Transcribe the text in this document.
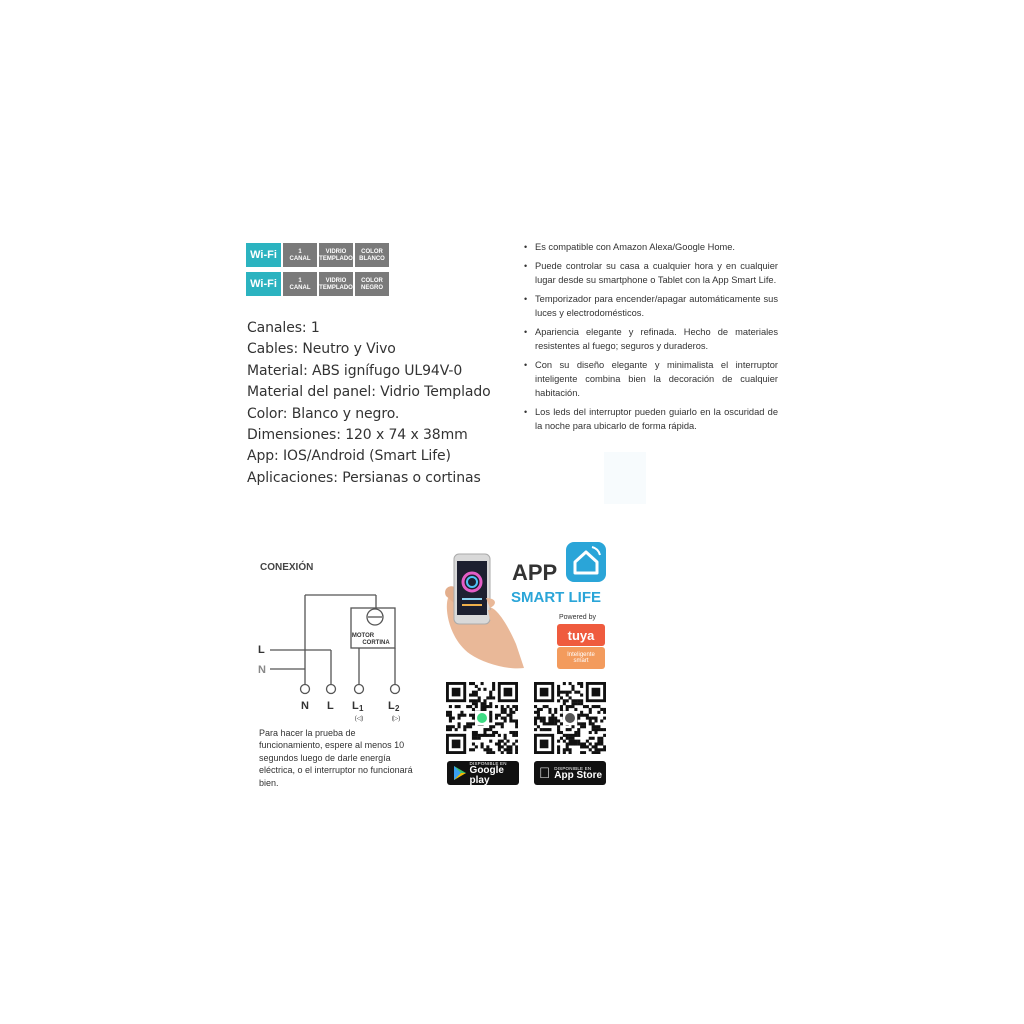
Wi-Fi	1
CANAL
VIDRIO
TEMPLADO
COLOR
BLANCO
Wi-Fi	1
CANAL
VIDRIO
TEMPLADO
COLOR
NEGRO
Canales: 1
Cables: Neutro y Vivo
Material: ABS ignífugo UL94V-0
Material del panel: Vidrio Templado
Color: Blanco y negro.
Dimensiones: 120 x 74 x 38mm
App: IOS/Android (Smart Life)
Aplicaciones: Persianas o cortinas
• Es compatible con Amazon Alexa/Google Home.
• Puede controlar su casa a cualquier hora y en cualquier lugar desde su smartphone o Tablet con la App Smart Life.
• Temporizador para encender/apagar automáticamente sus luces y electrodomésticos.
• Apariencia elegante y refinada. Hecho de materiales resistentes al fuego; seguros y duraderos.
• Con su diseño elegante y minimalista el interruptor inteligente combina bien la decoración de cualquier habitación.
• Los leds del interruptor pueden guiarlo en la oscuridad de la noche para ubicarlo de forma rápida.
CONEXIÓN
L
N
MOTOR
CORTINA
N L L 1 L 2
(◁)	(▷)
Para hacer la prueba de funcionamiento, espere al menos 10 segundos luego de darle energía eléctrica, o el interruptor no funcionará bien.
APP
SMART LIFE
Powered by
tuya
Inteligente
smart
DISPONIBLE EN
Google play
DISPONIBLE EN
App Store
